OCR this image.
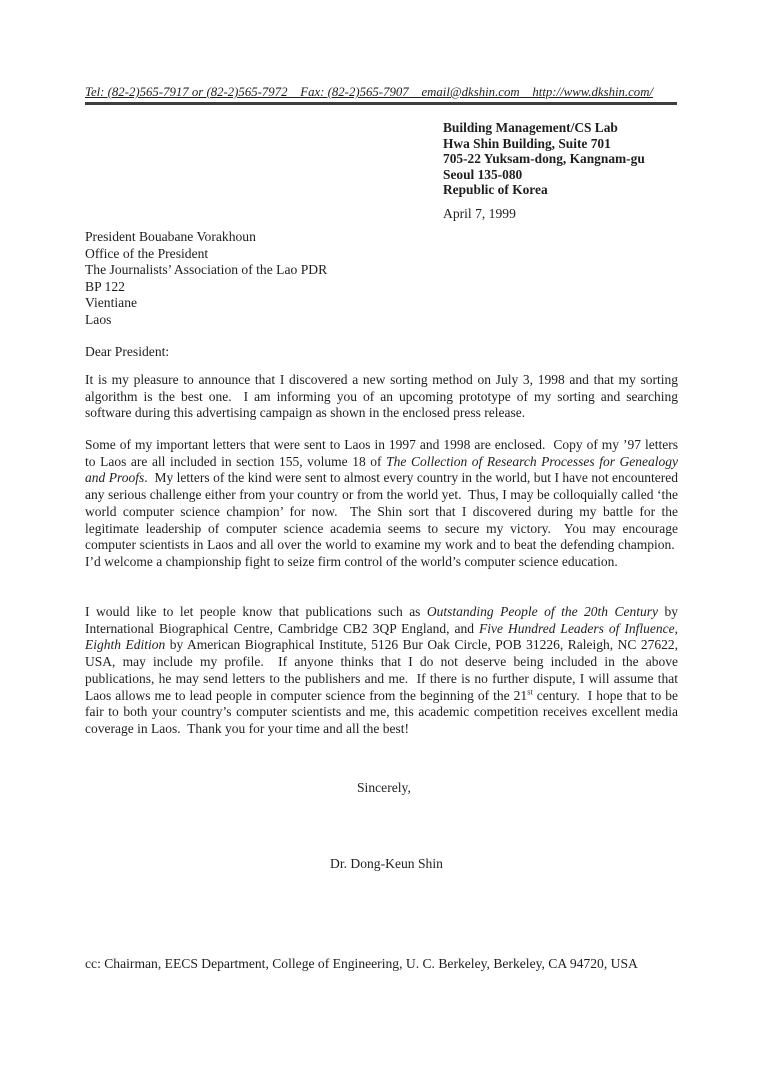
Tel: (82-2)565-7917 or (82-2)565-7972    Fax: (82-2)565-7907    email@dkshin.com    http://www.dkshin.com/
Building Management/CS Lab
Hwa Shin Building, Suite 701
705-22 Yuksam-dong, Kangnam-gu
Seoul 135-080
Republic of Korea
April 7, 1999
President Bouabane Vorakhoun
Office of the President
The Journalists’ Association of the Lao PDR
BP 122
Vientiane
Laos
Dear President:
It is my pleasure to announce that I discovered a new sorting method on July 3, 1998 and that my sorting algorithm is the best one.  I am informing you of an upcoming prototype of my sorting and searching software during this advertising campaign as shown in the enclosed press release.
Some of my important letters that were sent to Laos in 1997 and 1998 are enclosed.  Copy of my ’97 letters to Laos are all included in section 155, volume 18 of The Collection of Research Processes for Genealogy and Proofs.  My letters of the kind were sent to almost every country in the world, but I have not encountered any serious challenge either from your country or from the world yet.  Thus, I may be colloquially called ‘the world computer science champion’ for now.  The Shin sort that I discovered during my battle for the legitimate leadership of computer science academia seems to secure my victory.  You may encourage computer scientists in Laos and all over the world to examine my work and to beat the defending champion.  I’d welcome a championship fight to seize firm control of the world’s computer science education.
I would like to let people know that publications such as Outstanding People of the 20th Century by International Biographical Centre, Cambridge CB2 3QP England, and Five Hundred Leaders of Influence, Eighth Edition by American Biographical Institute, 5126 Bur Oak Circle, POB 31226, Raleigh, NC 27622, USA, may include my profile.  If anyone thinks that I do not deserve being included in the above publications, he may send letters to the publishers and me.  If there is no further dispute, I will assume that Laos allows me to lead people in computer science from the beginning of the 21st century.  I hope that to be fair to both your country’s computer scientists and me, this academic competition receives excellent media coverage in Laos.  Thank you for your time and all the best!
Sincerely,
Dr. Dong-Keun Shin
cc: Chairman, EECS Department, College of Engineering, U. C. Berkeley, Berkeley, CA 94720, USA
